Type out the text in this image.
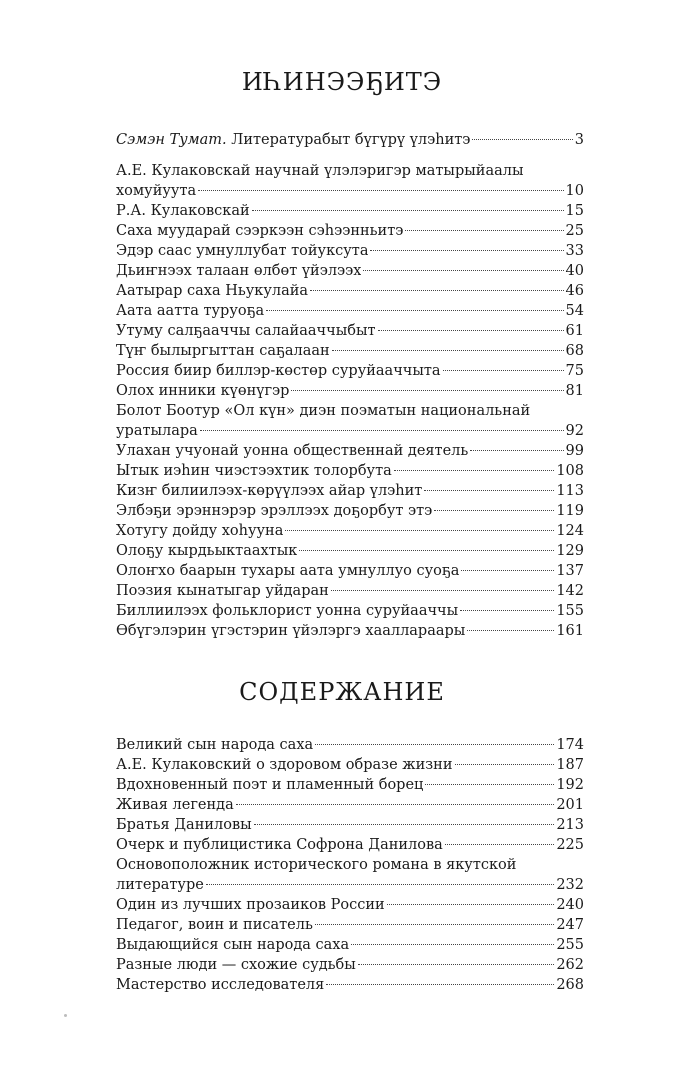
ИҺИНЭЭҔИТЭ
Сэмэн Тумат. Литературабыт бүгүрү үлэһитэ	3
А.Е. Кулаковскай научнай үлэлэригэр матырыйаалы
хомуйуута	10
Р.А. Кулаковскай	15
Саха муударай сээркээн сэһээнньитэ	25
Эдэр саас умнуллубат тойуксута	33
Дьиҥнээх талаан өлбөт үйэлээх	40
Аатырар саха Ньукулайа	46
Аата аатта туруоҕа	54
Утуму салҕааччы салайааччыбыт	61
Түҥ былыргыттан саҕалаан	68
Россия биир биллэр-көстөр суруйааччыта	75
Олох инники күөнүгэр	81
Болот Боотур «Ол күн» диэн поэматын национальнай
уратылара	92
Улахан учуонай уонна общественнай деятель	99
Ытык иэһин чиэстээхтик толорбута	108
Кизҥ билиилээх-көрүүлээх айар үлэһит	113
Элбэҕи эрэннэрэр эрэллээх доҕорбут этэ	119
Хотугу дойду хоһууна	124
Олоҕу кырдьыктаахтык	129
Олоҥхо баарын тухары аата умнуллуо суоҕа	137
Поэзия кынатыгар уйдаран	142
Биллиилээх фольклорист уонна суруйааччы	155
Өбүгэлэрин үгэстэрин үйэлэргэ хааллараары	161
СОДЕРЖАНИЕ
Великий сын народа саха	174
А.Е. Кулаковский о здоровом образе жизни	187
Вдохновенный поэт и пламенный борец	192
Живая легенда	201
Братья Даниловы	213
Очерк и публицистика Софрона Данилова	225
Основоположник исторического романа в якутской
литературе	232
Один из лучших прозаиков России	240
Педагог, воин и писатель	247
Выдающийся сын народа саха	255
Разные люди — схожие судьбы	262
Мастерство исследователя	268
